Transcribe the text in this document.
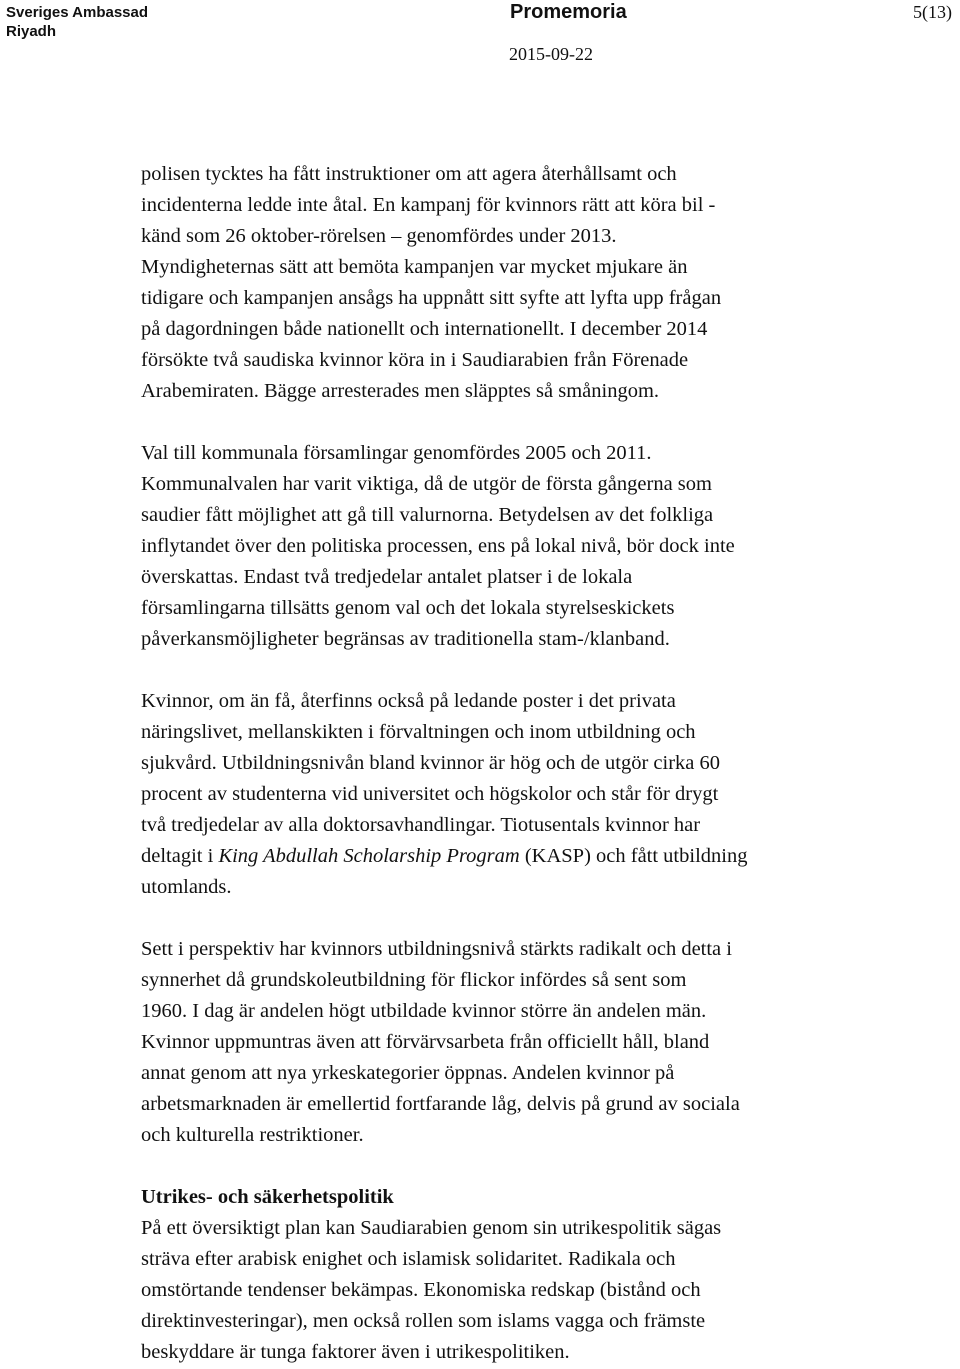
Sveriges Ambassad
Riyadh
Promemoria
2015-09-22
5(13)

polisen tycktes ha fått instruktioner om att agera återhållsamt och
incidenterna ledde inte åtal. En kampanj för kvinnors rätt att köra bil -
känd som 26 oktober-rörelsen – genomfördes under 2013.
Myndigheternas sätt att bemöta kampanjen var mycket mjukare än
tidigare och kampanjen ansågs ha uppnått sitt syfte att lyfta upp frågan
på dagordningen både nationellt och internationellt. I december 2014
försökte två saudiska kvinnor köra in i Saudiarabien från Förenade
Arabemiraten. Bägge arresterades men släpptes så småningom.

Val till kommunala församlingar genomfördes 2005 och 2011.
Kommunalvalen har varit viktiga, då de utgör de första gångerna som
saudier fått möjlighet att gå till valurnorna. Betydelsen av det folkliga
inflytandet över den politiska processen, ens på lokal nivå, bör dock inte
överskattas. Endast två tredjedelar antalet platser i de lokala
församlingarna tillsätts genom val och det lokala styrelseskickets
påverkansmöjligheter begränsas av traditionella stam-/klanband.

Kvinnor, om än få, återfinns också på ledande poster i det privata
näringslivet, mellanskikten i förvaltningen och inom utbildning och
sjukvård. Utbildningsnivån bland kvinnor är hög och de utgör cirka 60
procent av studenterna vid universitet och högskolor och står för drygt
två tredjedelar av alla doktorsavhandlingar. Tiotusentals kvinnor har
deltagit i King Abdullah Scholarship Program (KASP) och fått utbildning
utomlands.

Sett i perspektiv har kvinnors utbildningsnivå stärkts radikalt och detta i
synnerhet då grundskoleutbildning för flickor infördes så sent som
1960. I dag är andelen högt utbildade kvinnor större än andelen män.
Kvinnor uppmuntras även att förvärvsarbeta från officiellt håll, bland
annat genom att nya yrkeskategorier öppnas. Andelen kvinnor på
arbetsmarknaden är emellertid fortfarande låg, delvis på grund av sociala
och kulturella restriktioner.

Utrikes- och säkerhetspolitik

På ett översiktigt plan kan Saudiarabien genom sin utrikespolitik sägas
sträva efter arabisk enighet och islamisk solidaritet. Radikala och
omstörtande tendenser bekämpas. Ekonomiska redskap (bistånd och
direktinvesteringar), men också rollen som islams vagga och främste
beskyddare är tunga faktorer även i utrikespolitiken.
